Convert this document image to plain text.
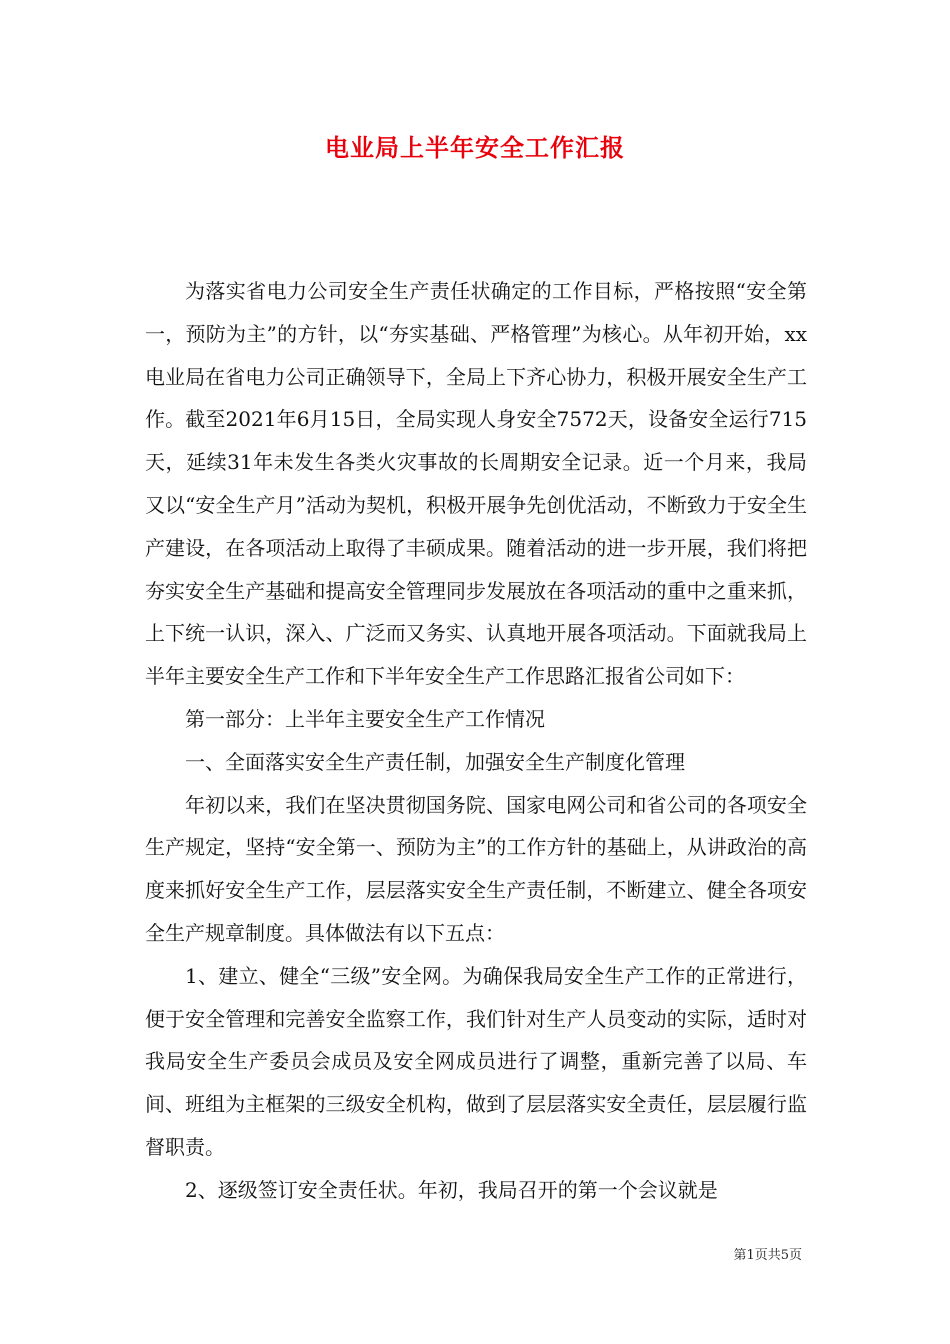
电业局上半年安全工作汇报

为落实省电力公司安全生产责任状确定的工作目标，严格按照“安全第一，预防为主”的方针，以“夯实基础、严格管理”为核心。从年初开始，xx电业局在省电力公司正确领导下，全局上下齐心协力，积极开展安全生产工作。截至2021年6月15日，全局实现人身安全7572天，设备安全运行715天，延续31年未发生各类火灾事故的长周期安全记录。近一个月来，我局又以“安全生产月”活动为契机，积极开展争先创优活动，不断致力于安全生产建设，在各项活动上取得了丰硕成果。随着活动的进一步开展，我们将把夯实安全生产基础和提高安全管理同步发展放在各项活动的重中之重来抓，上下统一认识，深入、广泛而又务实、认真地开展各项活动。下面就我局上半年主要安全生产工作和下半年安全生产工作思路汇报省公司如下：

第一部分：上半年主要安全生产工作情况

一、全面落实安全生产责任制，加强安全生产制度化管理

年初以来，我们在坚决贯彻国务院、国家电网公司和省公司的各项安全生产规定，坚持“安全第一、预防为主”的工作方针的基础上，从讲政治的高度来抓好安全生产工作，层层落实安全生产责任制，不断建立、健全各项安全生产规章制度。具体做法有以下五点：

1、建立、健全“三级”安全网。为确保我局安全生产工作的正常进行，便于安全管理和完善安全监察工作，我们针对生产人员变动的实际，适时对我局安全生产委员会成员及安全网成员进行了调整，重新完善了以局、车间、班组为主框架的三级安全机构，做到了层层落实安全责任，层层履行监督职责。

2、逐级签订安全责任状。年初，我局召开的第一个会议就是

第1页共5页
